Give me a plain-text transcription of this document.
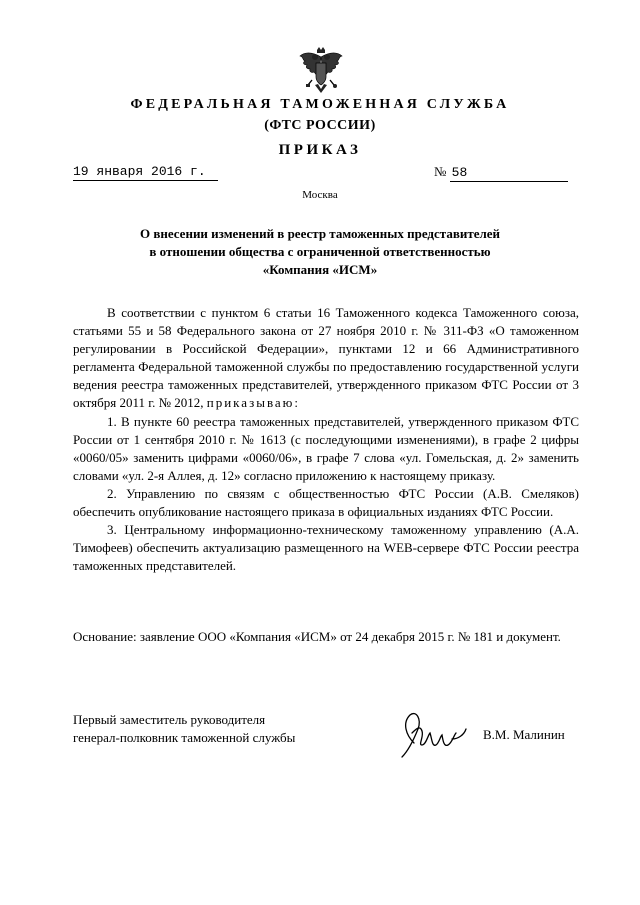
ФЕДЕРАЛЬНАЯ ТАМОЖЕННАЯ СЛУЖБА
(ФТС РОССИИ)
ПРИКАЗ
19 января 2016 г.	№ 58
Москва
О внесении изменений в реестр таможенных представителей
в отношении общества с ограниченной ответственностью
«Компания «ИСМ»

В соответствии с пунктом 6 статьи 16 Таможенного кодекса Таможенного союза, статьями 55 и 58 Федерального закона от 27 ноября 2010 г. № 311-ФЗ «О таможенном регулировании в Российской Федерации», пунктами 12 и 66 Административного регламента Федеральной таможенной службы по предоставлению государственной услуги ведения реестра таможенных представителей, утвержденного приказом ФТС России от 3 октября 2011 г. № 2012, приказываю:

1. В пункте 60 реестра таможенных представителей, утвержденного приказом ФТС России от 1 сентября 2010 г. № 1613 (с последующими изменениями), в графе 2 цифры «0060/05» заменить цифрами «0060/06», в графе 7 слова «ул. Гомельская, д. 2» заменить словами «ул. 2-я Аллея, д. 12» согласно приложению к настоящему приказу.

2. Управлению по связям с общественностью ФТС России (А.В. Смеляков) обеспечить опубликование настоящего приказа в официальных изданиях ФТС России.

3. Центральному информационно-техническому таможенному управлению (А.А. Тимофеев) обеспечить актуализацию размещенного на WEB-сервере ФТС России реестра таможенных представителей.

Основание: заявление ООО «Компания «ИСМ» от 24 декабря 2015 г. № 181 и документ.
Первый заместитель руководителя
генерал-полковник таможенной службы	В.М. Малинин
